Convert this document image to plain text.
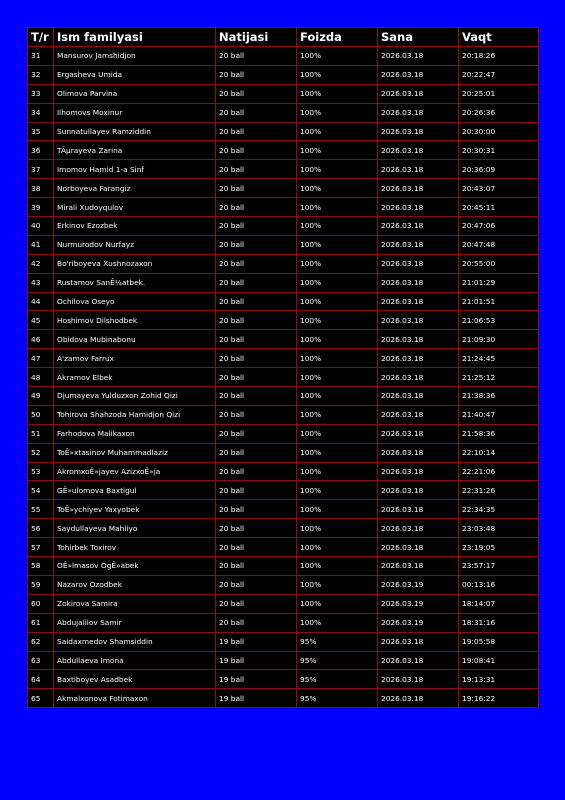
T/r	Ism familyasi	Natijasi	Foizda	Sana	Vaqt
31	Mansurov Jamshidjon	20 ball	100%	2026.03.18	20:18:26
32	Ergasheva Umida	20 ball	100%	2026.03.18	20:22:47
33	Olimova Parvina	20 ball	100%	2026.03.18	20:25:01
34	Ilhomovs Moxinur	20 ball	100%	2026.03.18	20:26:36
35	Sunnatullayev Ramziddin	20 ball	100%	2026.03.18	20:30:00
36	TÃµrayeva Zarina	20 ball	100%	2026.03.18	20:30:31
37	Imomov Hamid 1-a Sinf	20 ball	100%	2026.03.18	20:36:09
38	Norboyeva Farangiz	20 ball	100%	2026.03.18	20:43:07
39	Mirali Xudoyqulov	20 ball	100%	2026.03.18	20:45:11
40	Erkinov Ezozbek	20 ball	100%	2026.03.18	20:47:06
41	Nurmurodov Nurfayz	20 ball	100%	2026.03.18	20:47:48
42	Bo'riboyeva Xushnozaxon	20 ball	100%	2026.03.18	20:55:00
43	Rustamov SanÊ¼atbek.	20 ball	100%	2026.03.18	21:01:29
44	Ochilova Oseyo	20 ball	100%	2026.03.18	21:01:51
45	Hoshimov Dilshodbek	20 ball	100%	2026.03.18	21:06:53
46	Obidova Mubinabonu	20 ball	100%	2026.03.18	21:09:30
47	A'zamov Farrux	20 ball	100%	2026.03.18	21:24:45
48	Akramov Elbek	20 ball	100%	2026.03.18	21:25:12
49	Djumayeva Yulduzxon Zohid Qizi	20 ball	100%	2026.03.18	21:38:36
50	Tohirova Shahzoda Hamidjon Qizi	20 ball	100%	2026.03.18	21:40:47
51	Farhodova Malikaxon	20 ball	100%	2026.03.18	21:58:36
52	ToÊ»xtasinov Muhammadlaziz	20 ball	100%	2026.03.18	22:10:14
53	AkromxoÊ»jayev AzizxoÊ»ja	20 ball	100%	2026.03.18	22:21:06
54	GÊ»ulomova Baxtigul	20 ball	100%	2026.03.18	22:31:26
55	ToÊ»ychiyev Yaxyobek	20 ball	100%	2026.03.18	22:34:35
56	Saydullayeva Mahliyo	20 ball	100%	2026.03.18	23:03:48
57	Tohirbek Toxirov	20 ball	100%	2026.03.18	23:19:05
58	OÊ»lmasov OgÊ»abek	20 ball	100%	2026.03.18	23:57:17
59	Nazarov Ozodbek	20 ball	100%	2026.03.19	00:13:16
60	Zokirova Samira	20 ball	100%	2026.03.19	18:14:07
61	Abdujalilov Samir	20 ball	100%	2026.03.19	18:31:16
62	Saidaxmedov Shamsiddin	19 ball	95%	2026.03.18	19:05:58
63	Abdullaeva Imona	19 ball	95%	2026.03.18	19:08:41
64	Baxtiboyev Asadbek	19 ball	95%	2026.03.18	19:13:31
65	Akmalxonova Fotimaxon	19 ball	95%	2026.03.18	19:16:22
